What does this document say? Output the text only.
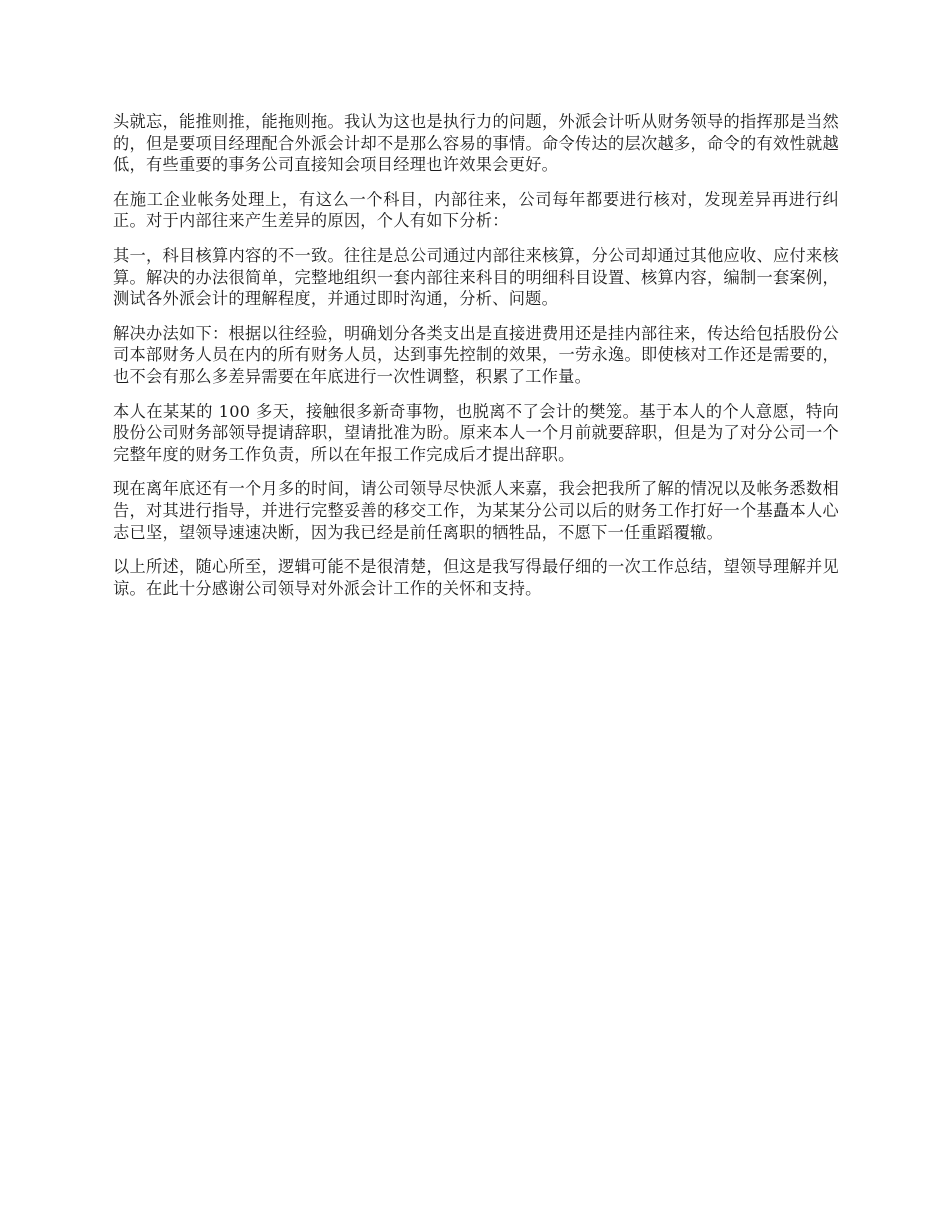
头就忘，能推则推，能拖则拖。我认为这也是执行力的问题，外派会计听从财务领导的指挥那是当然的，但是要项目经理配合外派会计却不是那么容易的事情。命令传达的层次越多，命令的有效性就越低，有些重要的事务公司直接知会项目经理也许效果会更好。

在施工企业帐务处理上，有这么一个科目，内部往来，公司每年都要进行核对，发现差异再进行纠正。对于内部往来产生差异的原因，个人有如下分析：

其一，科目核算内容的不一致。往往是总公司通过内部往来核算，分公司却通过其他应收、应付来核算。解决的办法很简单，完整地组织一套内部往来科目的明细科目设置、核算内容，编制一套案例，测试各外派会计的理解程度，并通过即时沟通，分析、问题。

解决办法如下：根据以往经验，明确划分各类支出是直接进费用还是挂内部往来，传达给包括股份公司本部财务人员在内的所有财务人员，达到事先控制的效果，一劳永逸。即使核对工作还是需要的，也不会有那么多差异需要在年底进行一次性调整，积累了工作量。

本人在某某的 100 多天，接触很多新奇事物，也脱离不了会计的樊笼。基于本人的个人意愿，特向股份公司财务部领导提请辞职，望请批准为盼。原来本人一个月前就要辞职，但是为了对分公司一个完整年度的财务工作负责，所以在年报工作完成后才提出辞职。

现在离年底还有一个月多的时间，请公司领导尽快派人来嘉，我会把我所了解的情况以及帐务悉数相告，对其进行指导，并进行完整妥善的移交工作，为某某分公司以后的财务工作打好一个基矗本人心志已坚，望领导速速决断，因为我已经是前任离职的牺牲品，不愿下一任重蹈覆辙。

以上所述，随心所至，逻辑可能不是很清楚，但这是我写得最仔细的一次工作总结，望领导理解并见谅。在此十分感谢公司领导对外派会计工作的关怀和支持。
